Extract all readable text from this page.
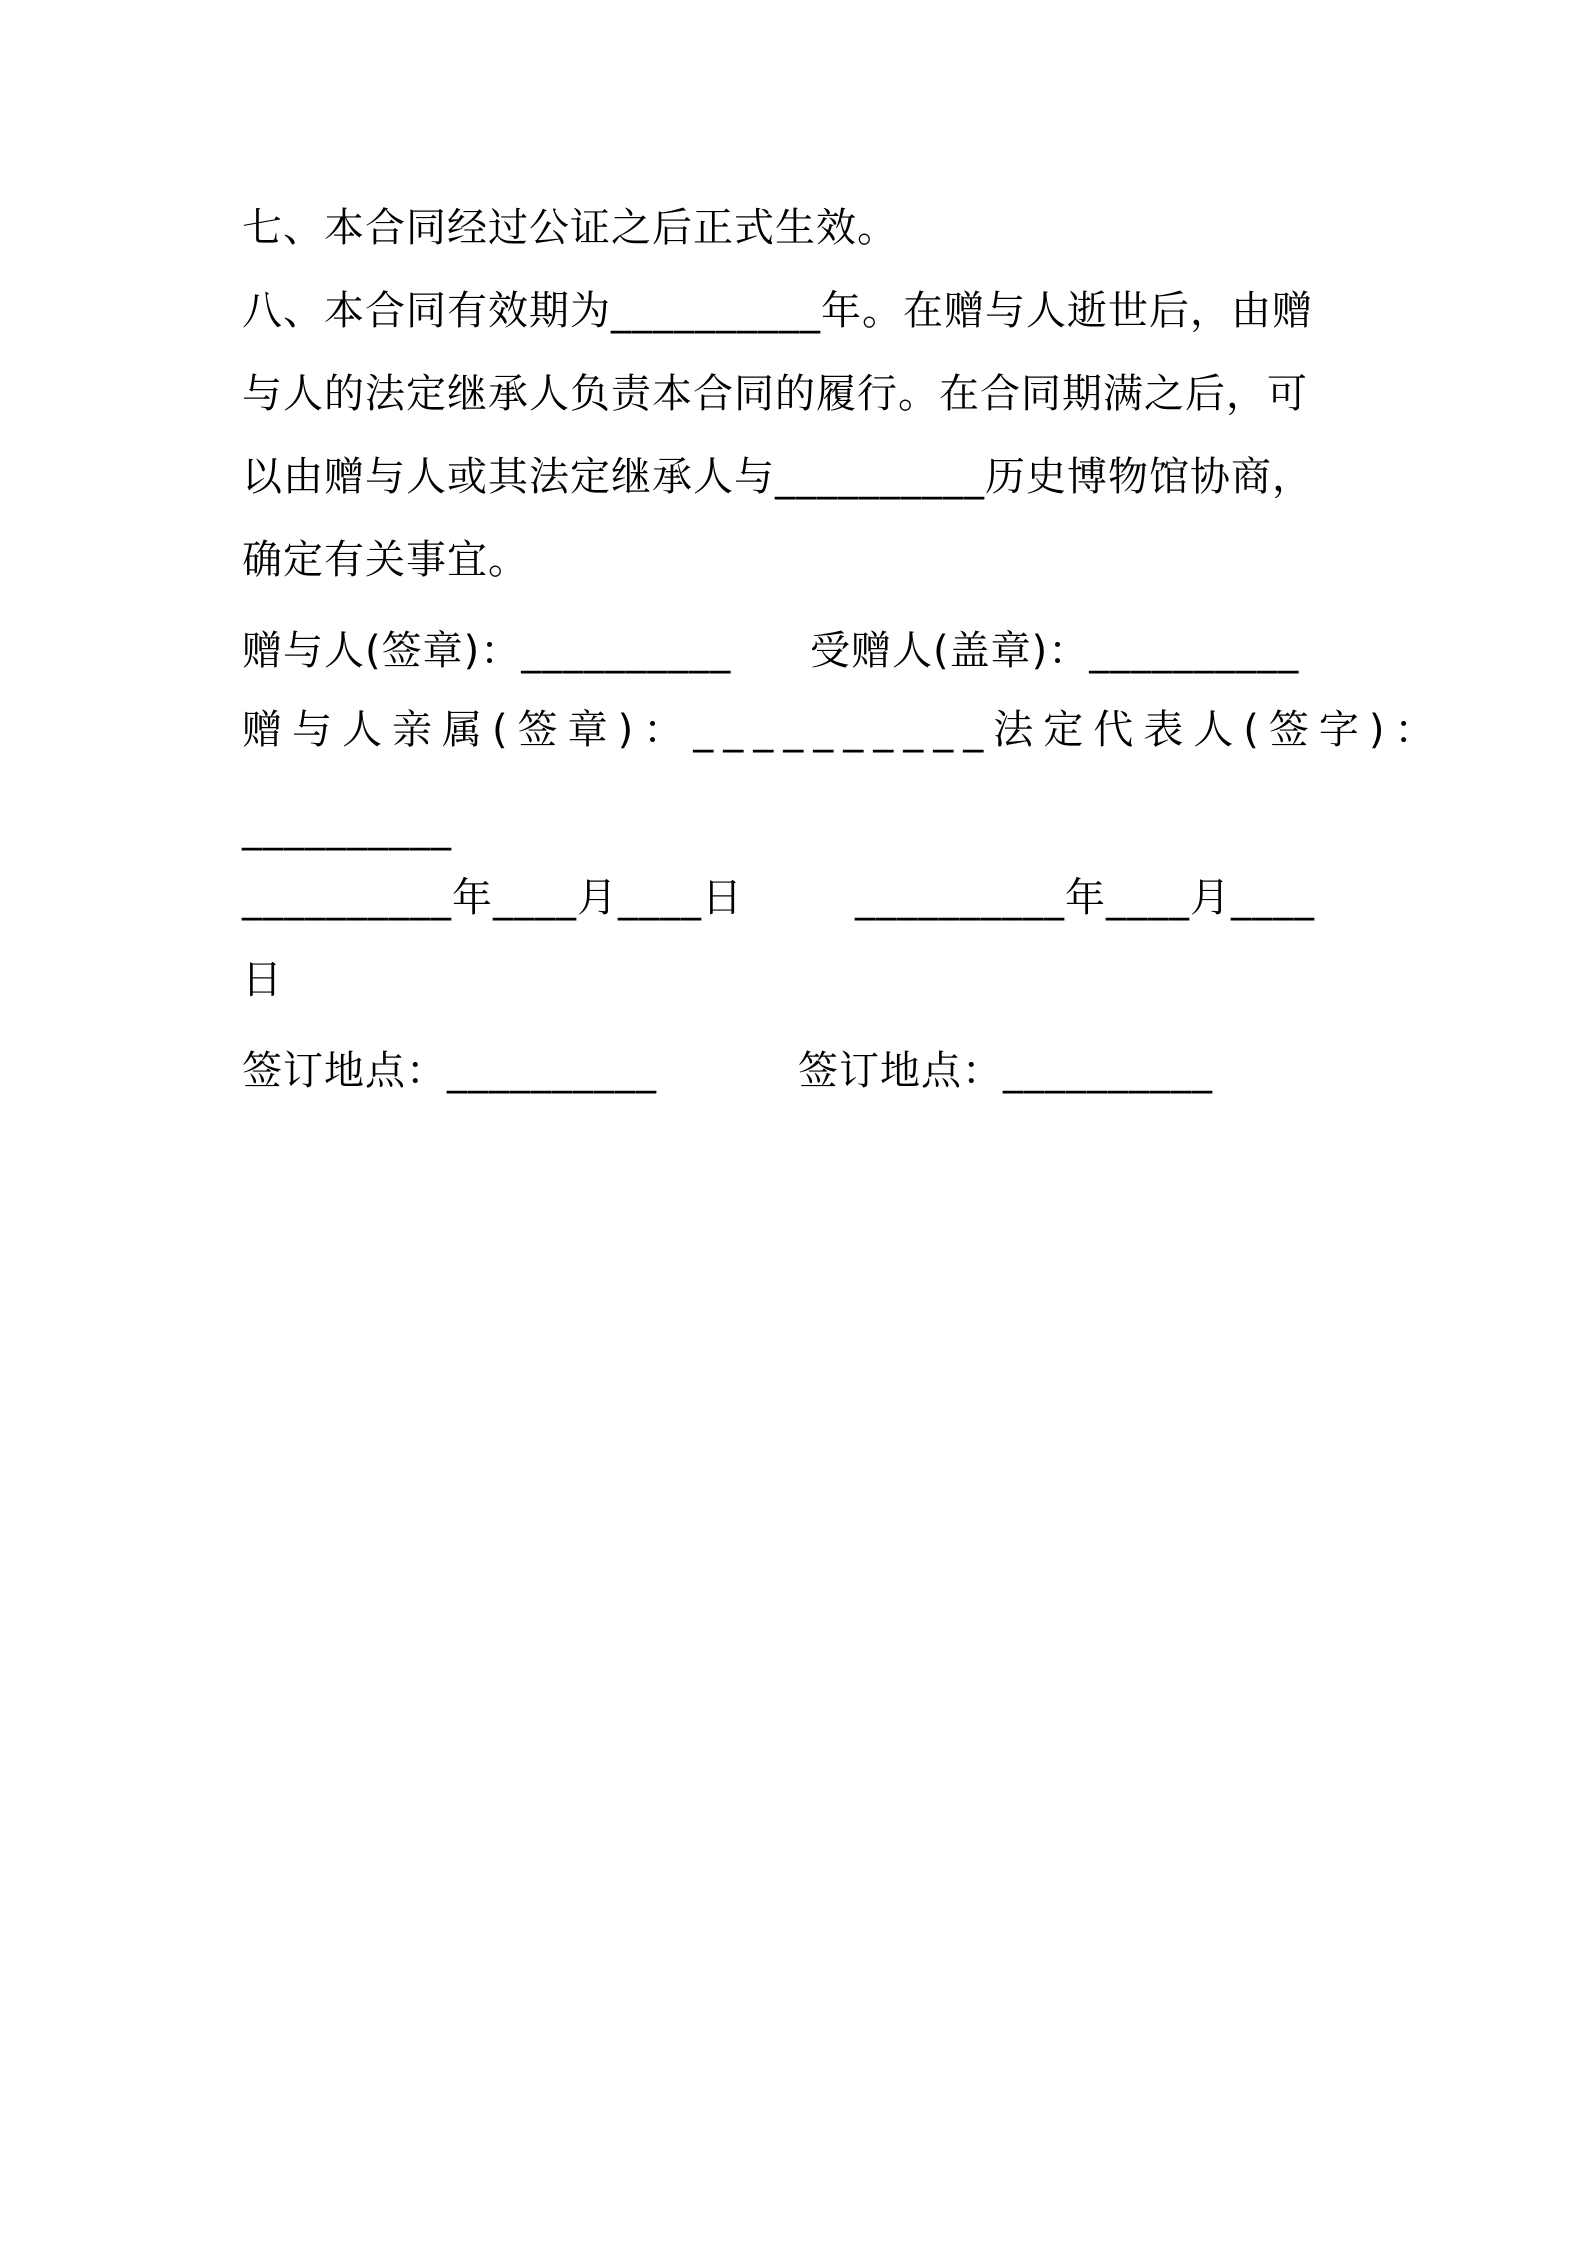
七、本合同经过公证之后正式生效。
八、本合同有效期为__________年。在赠与人逝世后，由赠
与人的法定继承人负责本合同的履行。在合同期满之后，可
以由赠与人或其法定继承人与__________历史博物馆协商，
确定有关事宜。
赠与人(签章)：__________ 受赠人(盖章)：__________
赠与人亲属(签章)：__________法定代表人(签字)：
__________
__________年____月____日	__________年____月____
日
签订地点：__________	签订地点：__________
